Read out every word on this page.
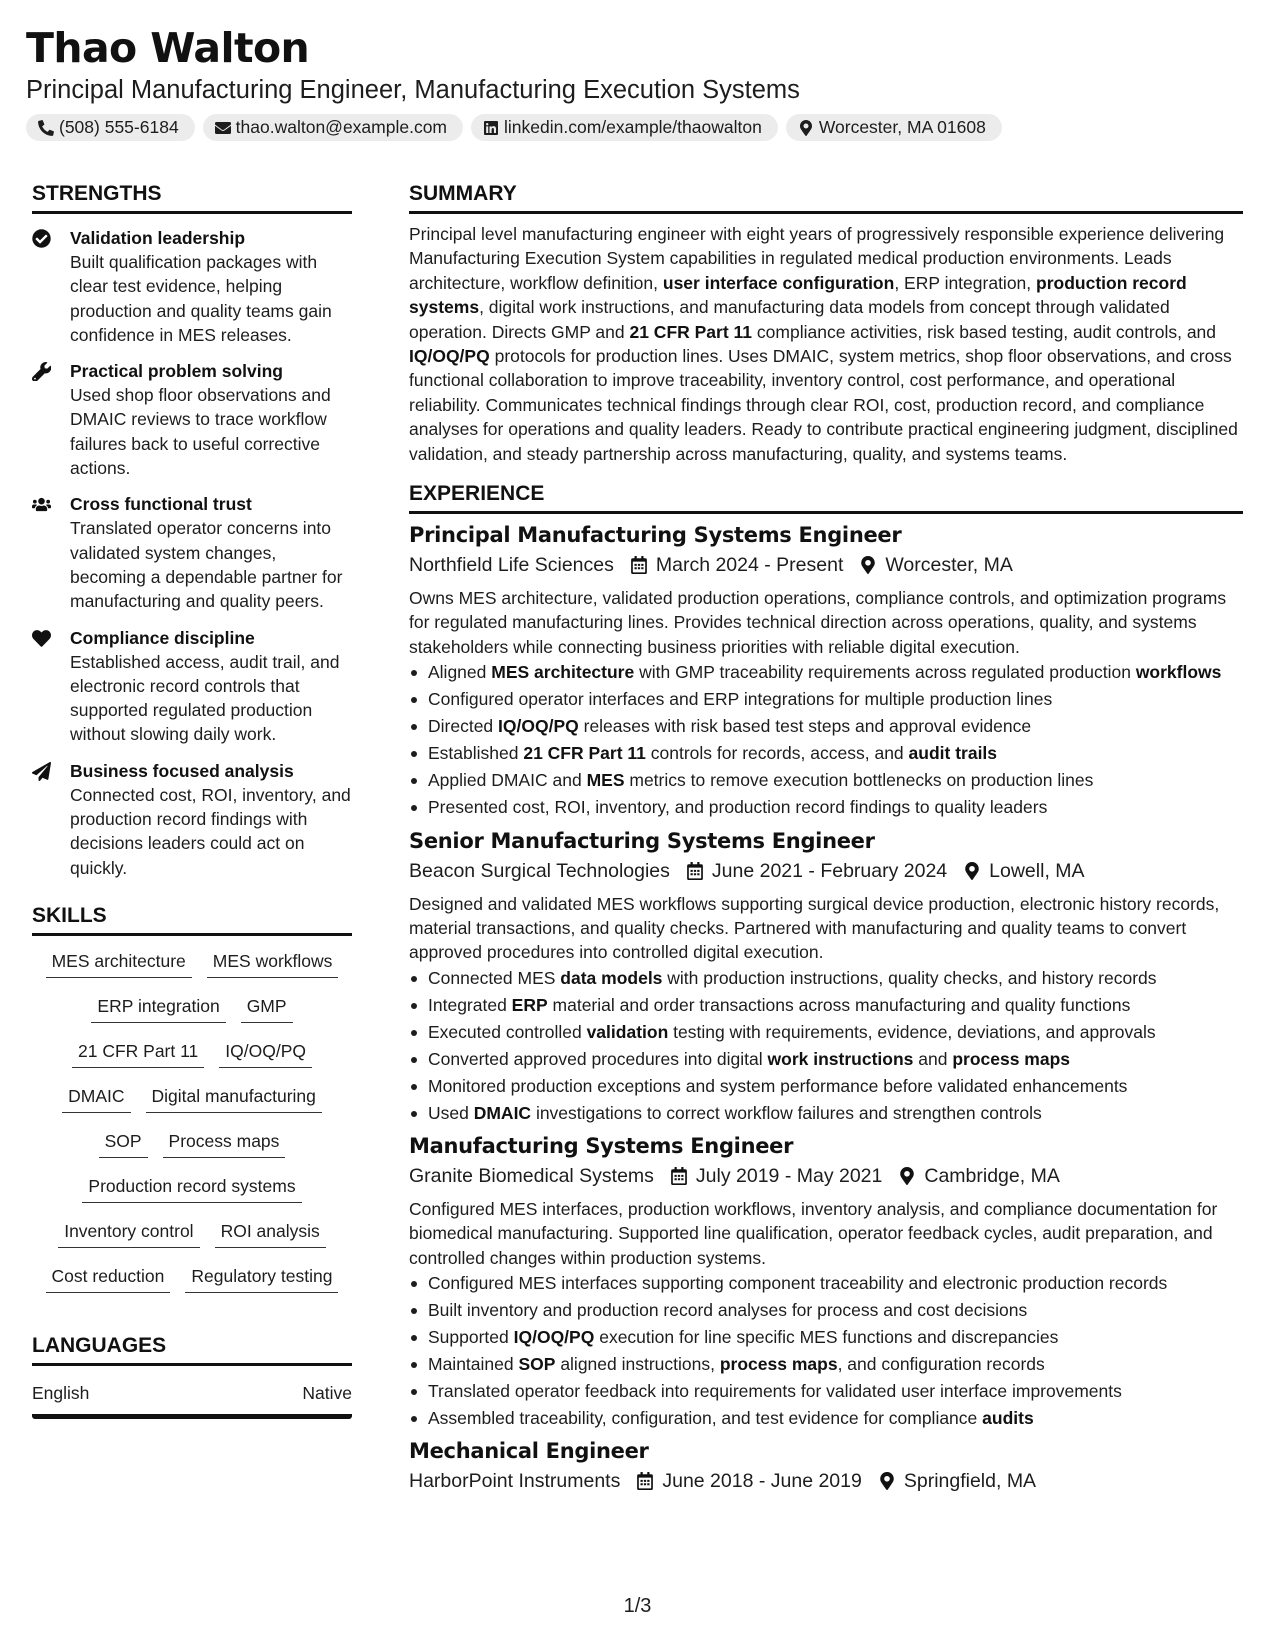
Thao Walton
Principal Manufacturing Engineer, Manufacturing Execution Systems
(508) 555-6184	thao.walton@example.com	linkedin.com/example/thaowalton	Worcester, MA 01608
STRENGTHS
Validation leadership
Built qualification packages with clear test evidence, helping production and quality teams gain confidence in MES releases.
Practical problem solving
Used shop floor observations and DMAIC reviews to trace workflow failures back to useful corrective actions.
Cross functional trust
Translated operator concerns into validated system changes, becoming a dependable partner for manufacturing and quality peers.
Compliance discipline
Established access, audit trail, and electronic record controls that supported regulated production without slowing daily work.
Business focused analysis
Connected cost, ROI, inventory, and production record findings with decisions leaders could act on quickly.
SKILLS
MES architecture	MES workflows
ERP integration	GMP
21 CFR Part 11	IQ/OQ/PQ
DMAIC	Digital manufacturing
SOP	Process maps
Production record systems
Inventory control	ROI analysis
Cost reduction	Regulatory testing
LANGUAGES
English	Native
SUMMARY
Principal level manufacturing engineer with eight years of progressively responsible experience delivering Manufacturing Execution System capabilities in regulated medical production environments. Leads architecture, workflow definition, user interface configuration, ERP integration, production record systems, digital work instructions, and manufacturing data models from concept through validated operation. Directs GMP and 21 CFR Part 11 compliance activities, risk based testing, audit controls, and IQ/OQ/PQ protocols for production lines. Uses DMAIC, system metrics, shop floor observations, and cross functional collaboration to improve traceability, inventory control, cost performance, and operational reliability. Communicates technical findings through clear ROI, cost, production record, and compliance analyses for operations and quality leaders. Ready to contribute practical engineering judgment, disciplined validation, and steady partnership across manufacturing, quality, and systems teams.
EXPERIENCE
Principal Manufacturing Systems Engineer
Northfield Life Sciences March 2024 - Present Worcester, MA
Owns MES architecture, validated production operations, compliance controls, and optimization programs for regulated manufacturing lines. Provides technical direction across operations, quality, and systems stakeholders while connecting business priorities with reliable digital execution.
Aligned MES architecture with GMP traceability requirements across regulated production workflows
Configured operator interfaces and ERP integrations for multiple production lines
Directed IQ/OQ/PQ releases with risk based test steps and approval evidence
Established 21 CFR Part 11 controls for records, access, and audit trails
Applied DMAIC and MES metrics to remove execution bottlenecks on production lines
Presented cost, ROI, inventory, and production record findings to quality leaders
Senior Manufacturing Systems Engineer
Beacon Surgical Technologies June 2021 - February 2024 Lowell, MA
Designed and validated MES workflows supporting surgical device production, electronic history records, material transactions, and quality checks. Partnered with manufacturing and quality teams to convert approved procedures into controlled digital execution.
Connected MES data models with production instructions, quality checks, and history records
Integrated ERP material and order transactions across manufacturing and quality functions
Executed controlled validation testing with requirements, evidence, deviations, and approvals
Converted approved procedures into digital work instructions and process maps
Monitored production exceptions and system performance before validated enhancements
Used DMAIC investigations to correct workflow failures and strengthen controls
Manufacturing Systems Engineer
Granite Biomedical Systems July 2019 - May 2021 Cambridge, MA
Configured MES interfaces, production workflows, inventory analysis, and compliance documentation for biomedical manufacturing. Supported line qualification, operator feedback cycles, audit preparation, and controlled changes within production systems.
Configured MES interfaces supporting component traceability and electronic production records
Built inventory and production record analyses for process and cost decisions
Supported IQ/OQ/PQ execution for line specific MES functions and discrepancies
Maintained SOP aligned instructions, process maps, and configuration records
Translated operator feedback into requirements for validated user interface improvements
Assembled traceability, configuration, and test evidence for compliance audits
Mechanical Engineer
HarborPoint Instruments June 2018 - June 2019 Springfield, MA
1/3
